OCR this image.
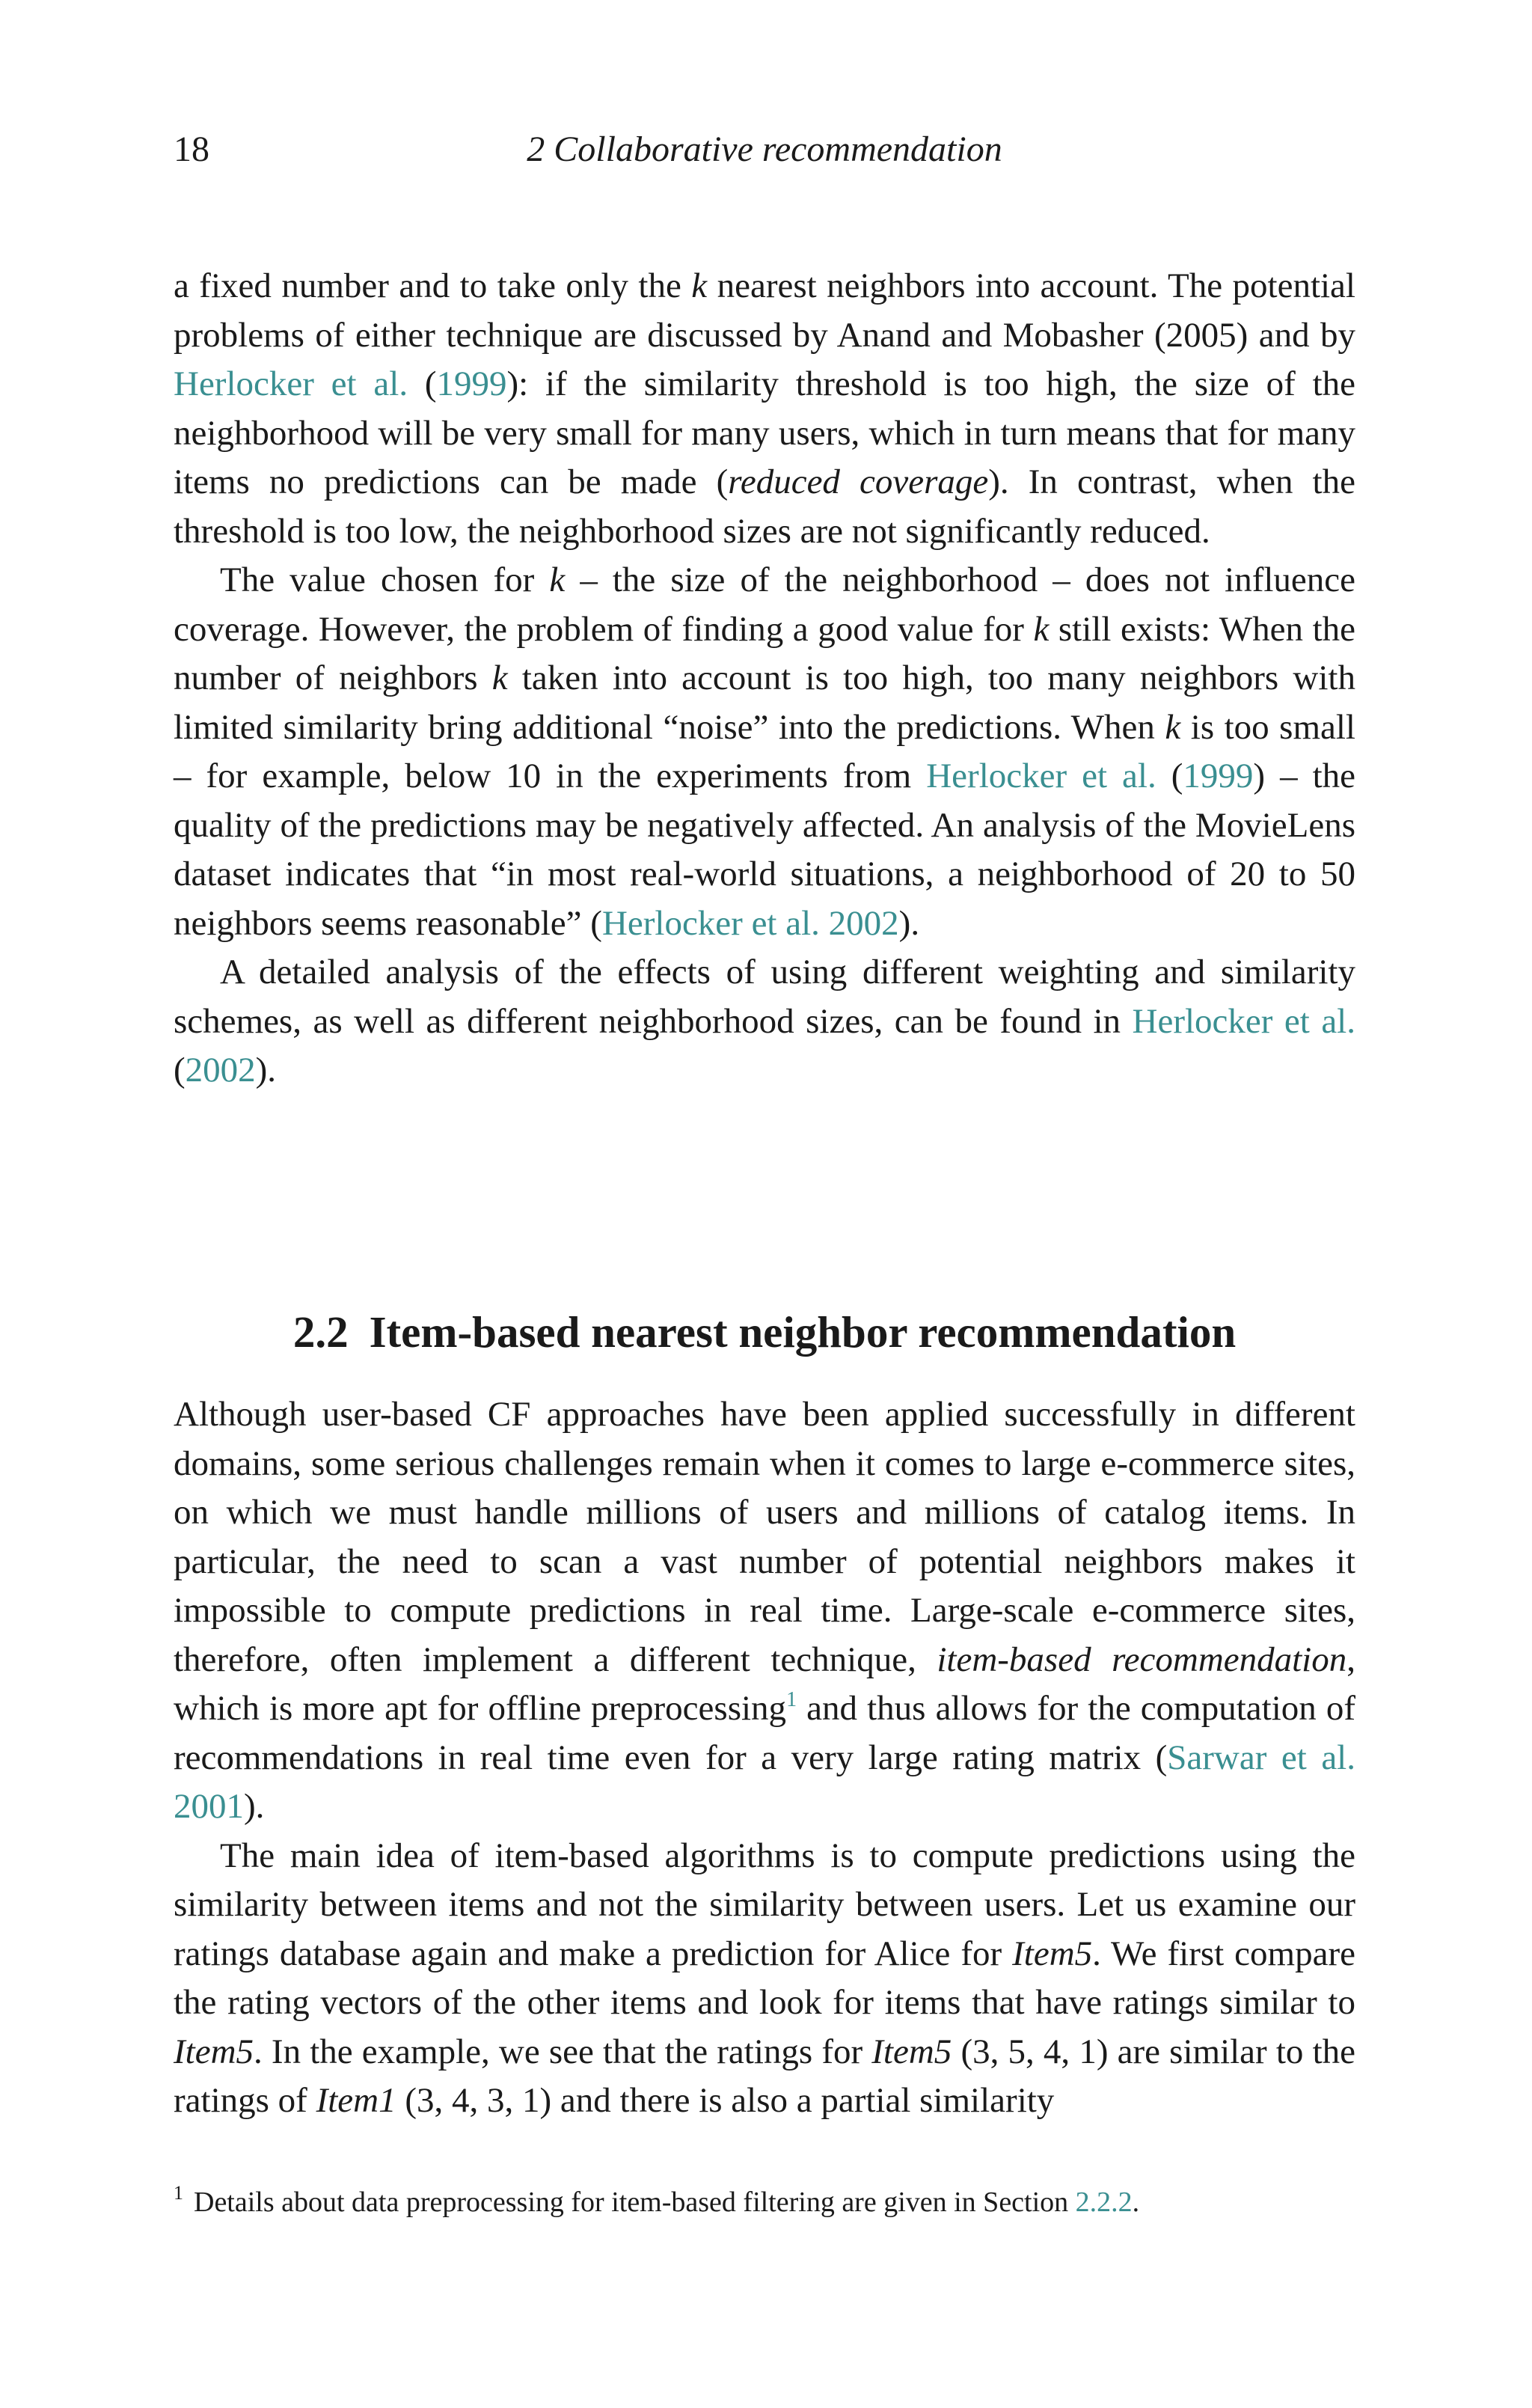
18	2 Collaborative recommendation

a fixed number and to take only the k nearest neighbors into account. The potential problems of either technique are discussed by Anand and Mobasher (2005) and by Herlocker et al. (1999): if the similarity threshold is too high, the size of the neighborhood will be very small for many users, which in turn means that for many items no predictions can be made (reduced coverage). In contrast, when the threshold is too low, the neighborhood sizes are not significantly reduced.

The value chosen for k – the size of the neighborhood – does not influence coverage. However, the problem of finding a good value for k still exists: When the number of neighbors k taken into account is too high, too many neighbors with limited similarity bring additional “noise” into the predictions. When k is too small – for example, below 10 in the experiments from Herlocker et al. (1999) – the quality of the predictions may be negatively affected. An analysis of the MovieLens dataset indicates that “in most real-world situations, a neighborhood of 20 to 50 neighbors seems reasonable” (Herlocker et al. 2002).

A detailed analysis of the effects of using different weighting and similarity schemes, as well as different neighborhood sizes, can be found in Herlocker et al. (2002).

2.2 Item-based nearest neighbor recommendation

Although user-based CF approaches have been applied successfully in different domains, some serious challenges remain when it comes to large e-commerce sites, on which we must handle millions of users and millions of catalog items. In particular, the need to scan a vast number of potential neighbors makes it impossible to compute predictions in real time. Large-scale e-commerce sites, therefore, often implement a different technique, item-based recommendation, which is more apt for offline preprocessing$^1$ and thus allows for the computation of recommendations in real time even for a very large rating matrix (Sarwar et al. 2001).

The main idea of item-based algorithms is to compute predictions using the similarity between items and not the similarity between users. Let us examine our ratings database again and make a prediction for Alice for Item5. We first compare the rating vectors of the other items and look for items that have ratings similar to Item5. In the example, we see that the ratings for Item5 (3, 5, 4, 1) are similar to the ratings of Item1 (3, 4, 3, 1) and there is also a partial similarity

$^1$ Details about data preprocessing for item-based filtering are given in Section 2.2.2.
